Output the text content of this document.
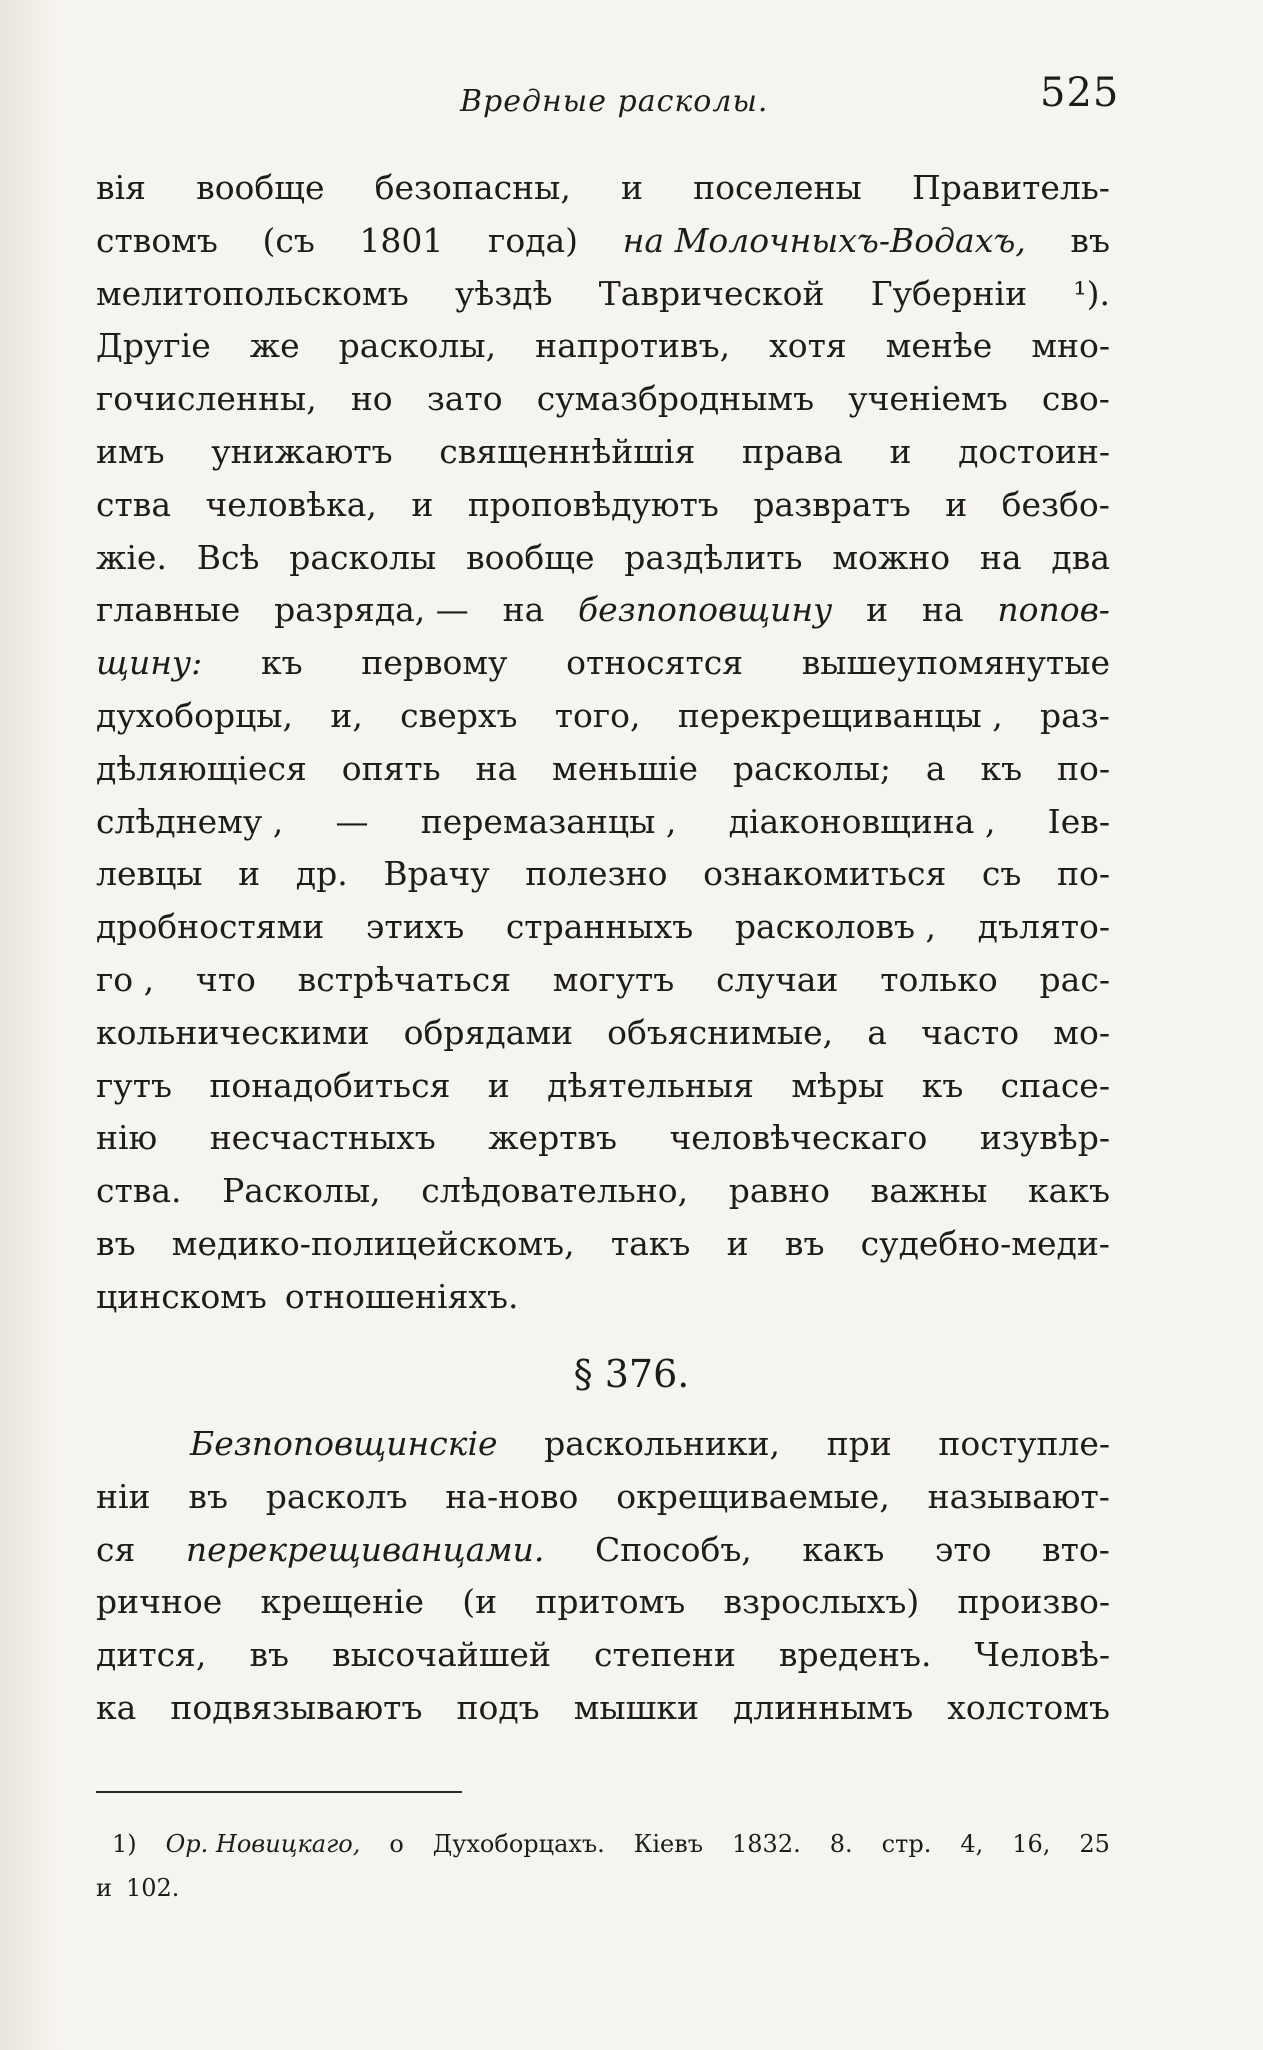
Вредные расколы.	525
вія вообще безопасны, и поселены Правитель-
ствомъ (съ 1801 года) на Молочныхъ-Водахъ, въ
мелитопольскомъ уѣздѣ Таврической Губерніи ¹).
Другіе же расколы, напротивъ, хотя менѣе мно-
гочисленны, но зато сумазброднымъ ученіемъ сво-
имъ унижаютъ священнѣйшія права и достоин-
ства человѣка, и проповѣдуютъ развратъ и безбо-
жіе. Всѣ расколы вообще раздѣлить можно на два
главные разряда, — на безпоповщину и на попов-
щину: къ первому относятся вышеупомянутые
духоборцы, и, сверхъ того, перекрещиванцы , раз-
дѣляющіеся опять на меньшіе расколы; а къ по-
слѣднему , — перемазанцы , діаконовщина , Іев-
левцы и др. Врачу полезно ознакомиться съ по-
дробностями этихъ странныхъ расколовъ , дълято-
го , что встрѣчаться могутъ случаи только рас-
кольническими обрядами объяснимые, а часто мо-
гутъ понадобиться и дѣятельныя мѣры къ спасе-
нію несчастныхъ жертвъ человѣческаго изувѣр-
ства. Расколы, слѣдовательно, равно важны какъ
въ медико-полицейскомъ, такъ и въ судебно-меди-
цинскомъ отношеніяхъ.
§ 376.
Безпоповщинскіе раскольники, при поступле-
ніи въ расколъ на-ново окрещиваемые, называют-
ся перекрещиванцами. Способъ, какъ это вто-
ричное крещеніе (и притомъ взрослыхъ) произво-
дится, въ высочайшей степени вреденъ. Человѣ-
ка подвязываютъ подъ мышки длиннымъ холстомъ
1) Ор. Новицкаго, о Духоборцахъ. Кіевъ 1832. 8. стр. 4, 16, 25
и 102.
